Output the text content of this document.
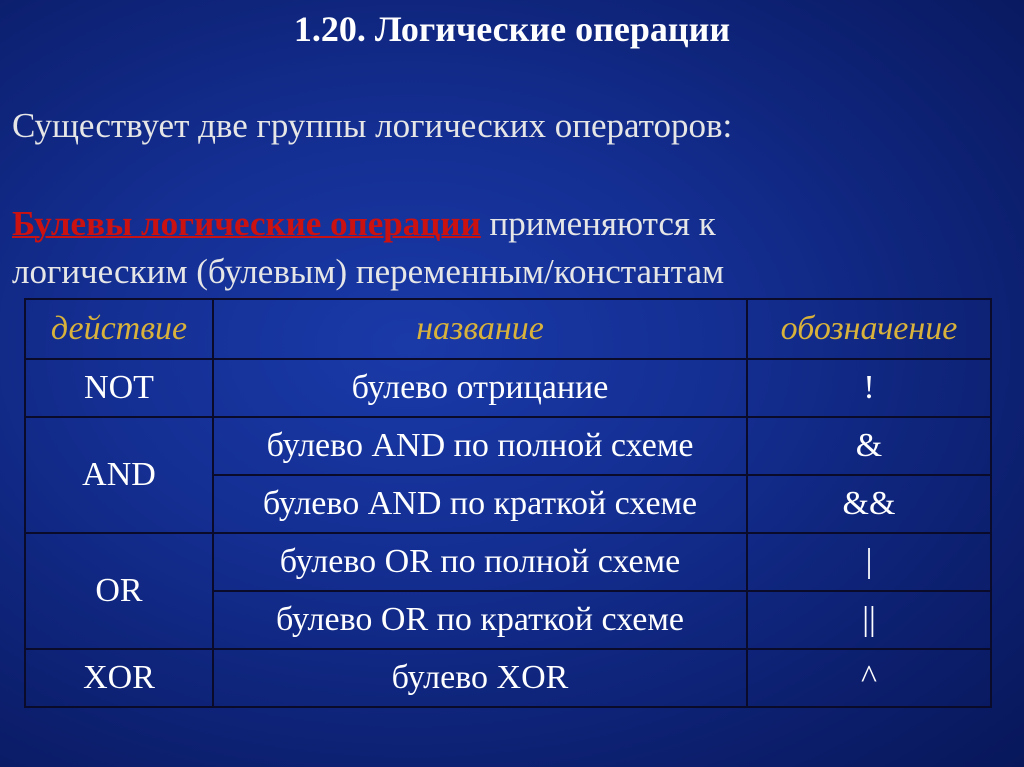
1.20. Логические операции
Существует две группы логических операторов:
Булевы логические операции применяются к
логическим (булевым) переменным/константам
действие	название	обозначение
NOT	булево отрицание	!
AND	булево AND по полной схеме	&
	булево AND по краткой схеме	&&
OR	булево OR по полной схеме	|
	булево OR по краткой схеме	||
XOR	булево XOR	^
